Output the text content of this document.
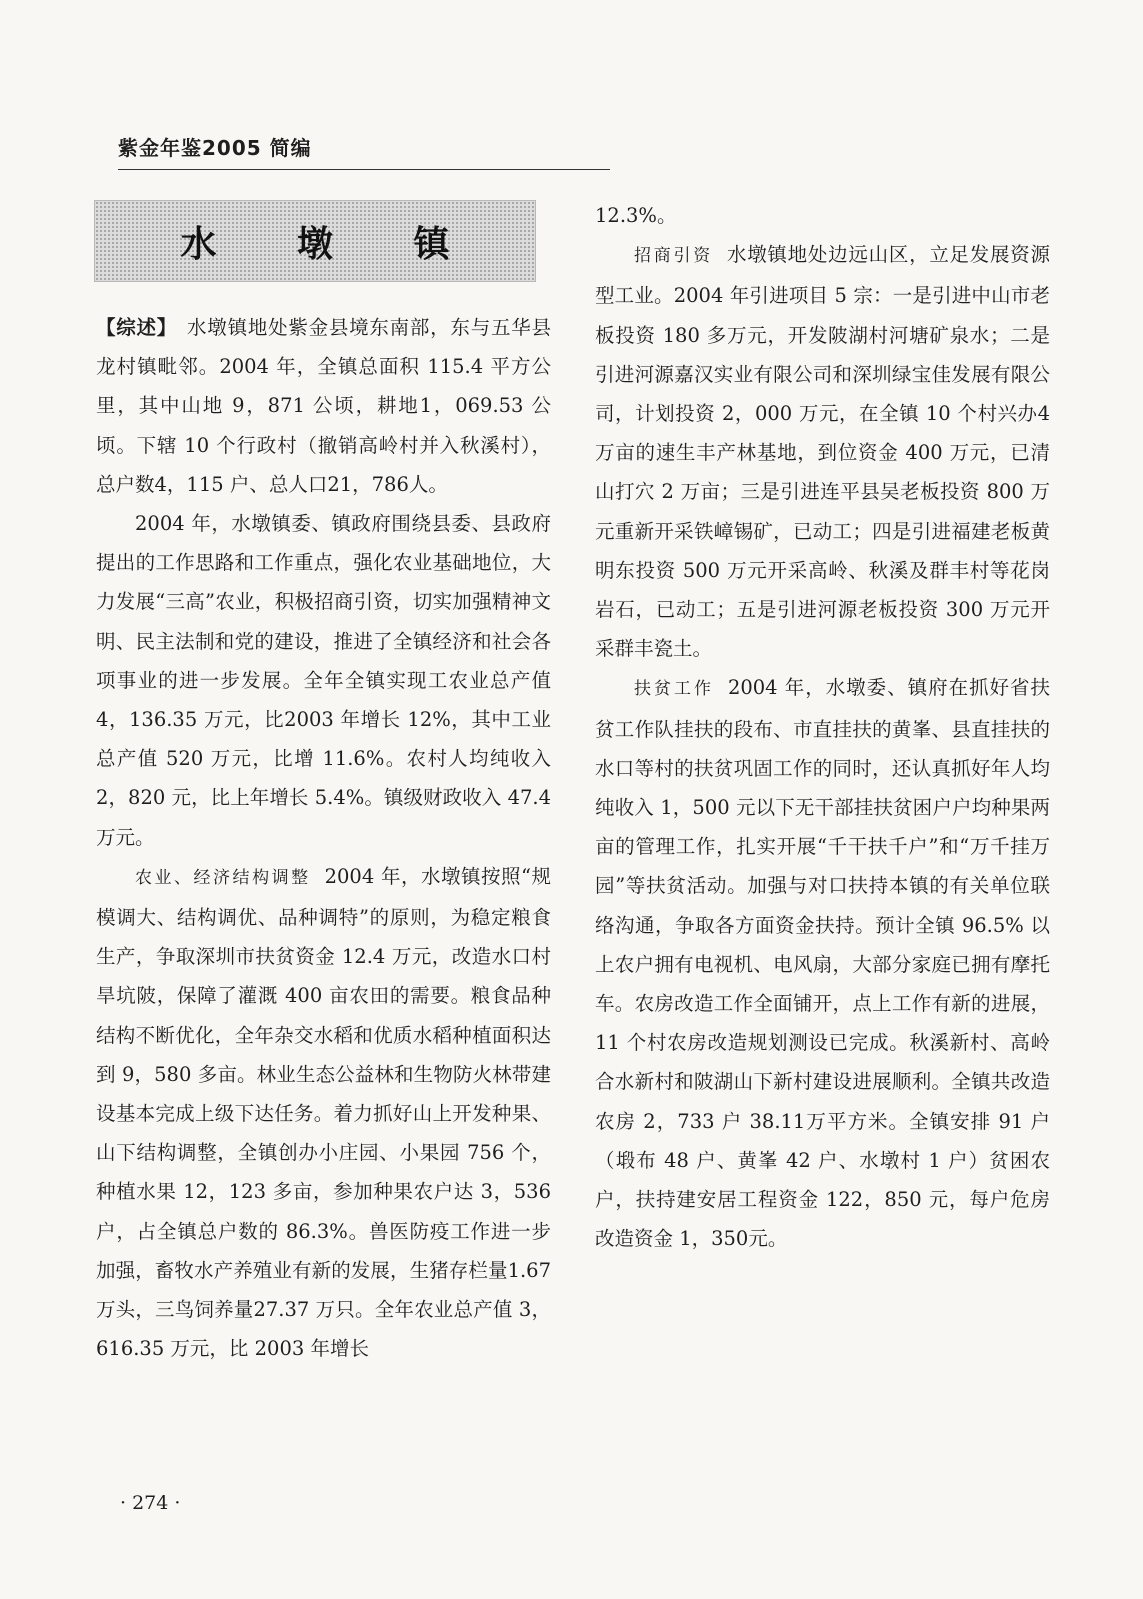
紫金年鉴2005 简编
水 墩 镇

【综述】 水墩镇地处紫金县境东南部，东与五华县龙村镇毗邻。2004 年，全镇总面积 115.4 平方公里，其中山地 9，871 公顷，耕地1，069.53 公顷。下辖 10 个行政村（撤销高岭村并入秋溪村），总户数4，115 户、总人口21，786人。

2004 年，水墩镇委、镇政府围绕县委、县政府提出的工作思路和工作重点，强化农业基础地位，大力发展“三高”农业，积极招商引资，切实加强精神文明、民主法制和党的建设，推进了全镇经济和社会各项事业的进一步发展。全年全镇实现工农业总产值 4，136.35 万元，比2003 年增长 12%，其中工业总产值 520 万元，比增 11.6%。农村人均纯收入 2，820 元，比上年增长 5.4%。镇级财政收入 47.4 万元。

农业、经济结构调整 2004 年，水墩镇按照“规模调大、结构调优、品种调特”的原则，为稳定粮食生产，争取深圳市扶贫资金 12.4 万元，改造水口村旱坑陂，保障了灌溉 400 亩农田的需要。粮食品种结构不断优化，全年杂交水稻和优质水稻种植面积达到 9，580 多亩。林业生态公益林和生物防火林带建设基本完成上级下达任务。着力抓好山上开发种果、山下结构调整，全镇创办小庄园、小果园 756 个，种植水果 12，123 多亩，参加种果农户达 3，536 户，占全镇总户数的 86.3%。兽医防疫工作进一步加强，畜牧水产养殖业有新的发展，生猪存栏量1.67 万头，三鸟饲养量27.37 万只。全年农业总产值 3，616.35 万元，比 2003 年增长

12.3%。

招商引资 水墩镇地处边远山区，立足发展资源型工业。2004 年引进项目 5 宗：一是引进中山市老板投资 180 多万元，开发陂湖村河塘矿泉水；二是引进河源嘉汉实业有限公司和深圳绿宝佳发展有限公司，计划投资 2，000 万元，在全镇 10 个村兴办4 万亩的速生丰产林基地，到位资金 400 万元，已清山打穴 2 万亩；三是引进连平县吴老板投资 800 万元重新开采铁嶂锡矿，已动工；四是引进福建老板黄明东投资 500 万元开采高岭、秋溪及群丰村等花岗岩石，已动工；五是引进河源老板投资 300 万元开采群丰瓷土。

扶贫工作 2004 年，水墩委、镇府在抓好省扶贫工作队挂扶的段布、市直挂扶的黄峯、县直挂扶的水口等村的扶贫巩固工作的同时，还认真抓好年人均纯收入 1，500 元以下无干部挂扶贫困户户均种果两亩的管理工作，扎实开展“千干扶千户”和“万千挂万园”等扶贫活动。加强与对口扶持本镇的有关单位联络沟通，争取各方面资金扶持。预计全镇 96.5% 以上农户拥有电视机、电风扇，大部分家庭已拥有摩托车。农房改造工作全面铺开，点上工作有新的进展，11 个村农房改造规划测设已完成。秋溪新村、高岭合水新村和陂湖山下新村建设进展顺利。全镇共改造农房 2，733 户 38.11万平方米。全镇安排 91 户（塅布 48 户、黄峯 42 户、水墩村 1 户）贫困农户，扶持建安居工程资金 122，850 元，每户危房改造资金 1，350元。

· 274 ·
